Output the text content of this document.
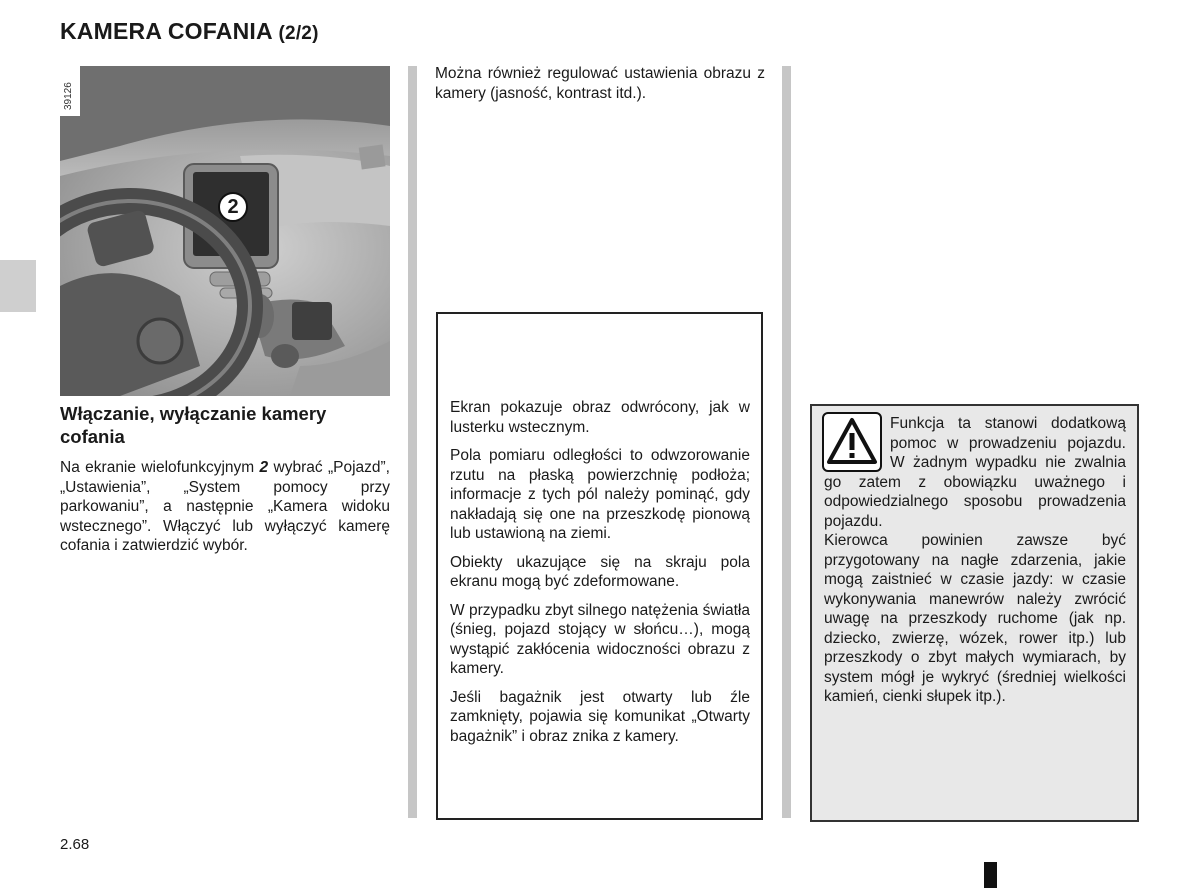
KAMERA COFANIA (2/2)
2
39126
Włączanie, wyłączanie kamery cofania

Na ekranie wielofunkcyjnym 2 wybrać „Pojazd”, „Ustawienia”, „System pomocy przy parkowaniu”, a następnie „Kamera widoku wstecznego”. Włączyć lub wyłączyć kamerę cofania i zatwierdzić wybór.

Można również regulować ustawienia obrazu z kamery (jasność, kontrast itd.).

Ekran pokazuje obraz odwrócony, jak w lusterku wstecznym.

Pola pomiaru odległości to odwzorowanie rzutu na płaską powierzchnię podłoża; informacje z tych pól należy pominąć, gdy nakładają się one na przeszkodę pionową lub ustawioną na ziemi.

Obiekty ukazujące się na skraju pola ekranu mogą być zdeformowane.

W przypadku zbyt silnego natężenia światła (śnieg, pojazd stojący w słońcu…), mogą wystąpić zakłócenia widoczności obrazu z kamery.

Jeśli bagażnik jest otwarty lub źle zamknięty, pojawia się komunikat „Otwarty bagażnik” i obraz znika z kamery.

Funkcja ta stanowi dodatkową pomoc w prowadzeniu pojazdu. W żadnym wypadku nie zwalnia go zatem z obowiązku uważnego i odpowiedzialnego sposobu prowadzenia pojazdu.

Kierowca powinien zawsze być przygotowany na nagłe zdarzenia, jakie mogą zaistnieć w czasie jazdy: w czasie wykonywania manewrów należy zwrócić uwagę na przeszkody ruchome (jak np. dziecko, zwierzę, wózek, rower itp.) lub przeszkody o zbyt małych wymiarach, by system mógł je wykryć (średniej wielkości kamień, cienki słupek itp.).

2.68
